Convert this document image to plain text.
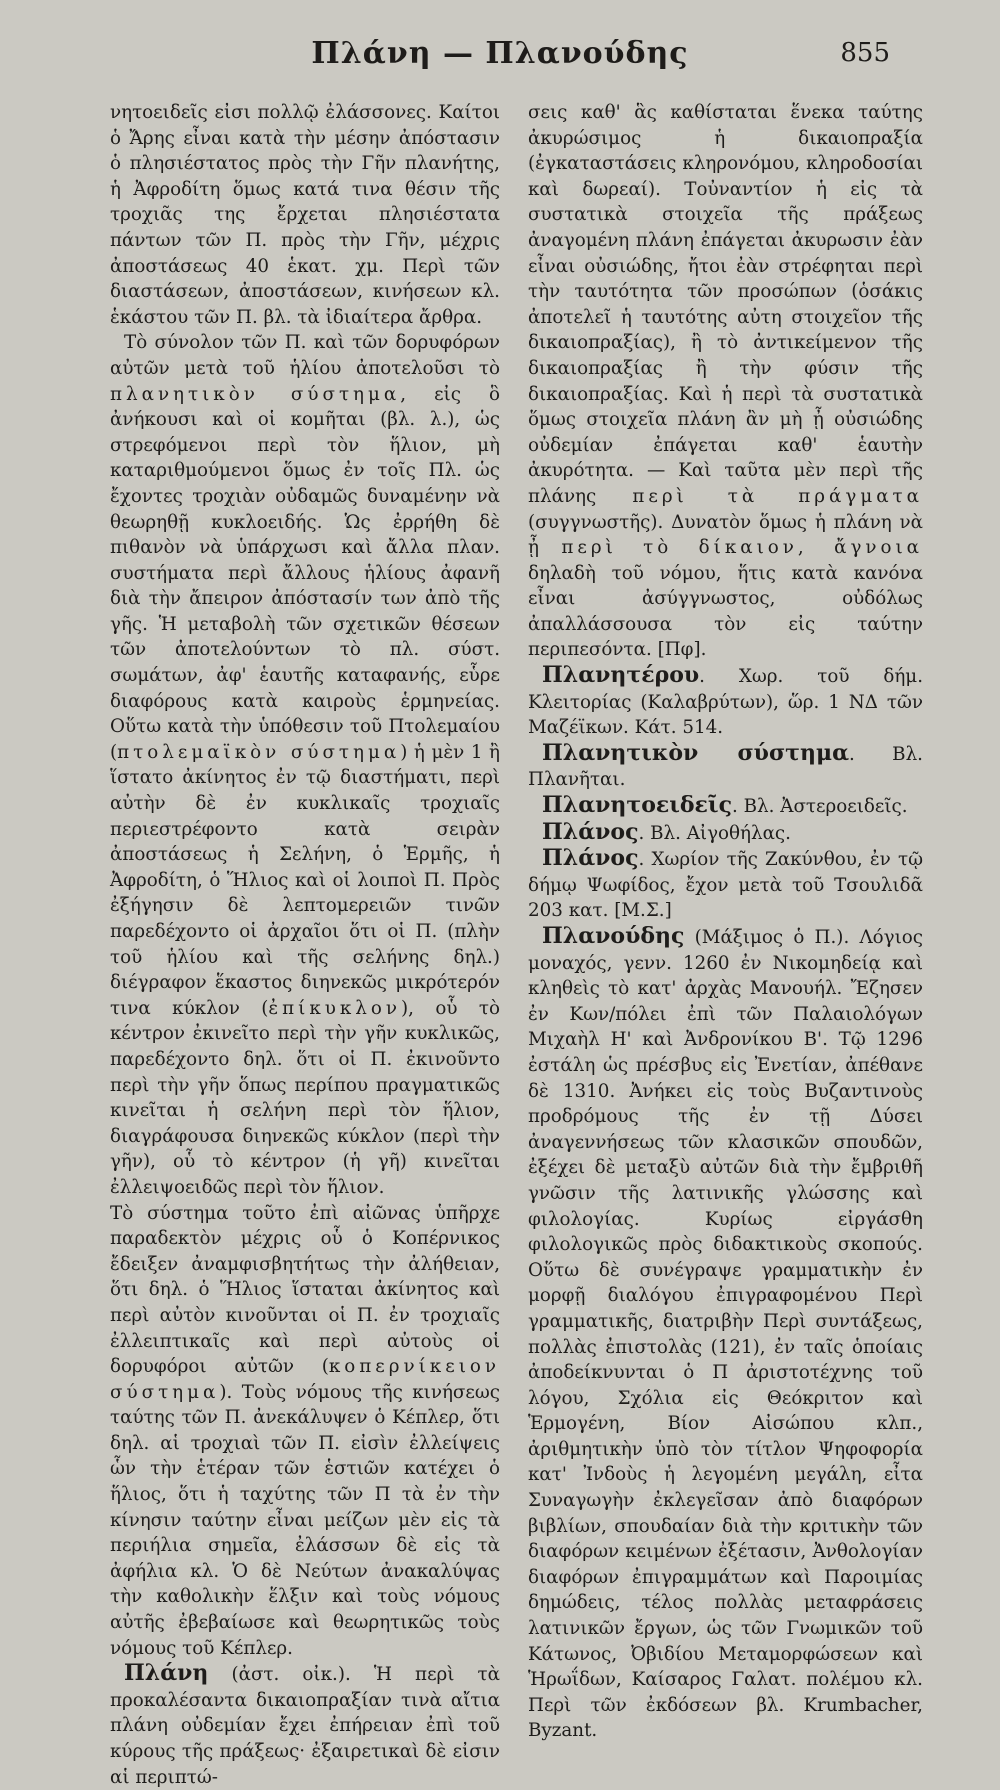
Πλάνη — Πλανούδης	855

νητοειδεῖς εἰσι πολλῷ ἐλάσσονες. Καίτοι ὁ Ἄρης εἶναι κατὰ τὴν μέσην ἀπόστασιν ὁ πλησιέστατος πρὸς τὴν Γῆν πλανήτης, ἡ Ἀφροδίτη ὅμως κατά τινα θέσιν τῆς τροχιᾶς της ἔρχεται πλησιέστατα πάντων τῶν Π. πρὸς τὴν Γῆν, μέχρις ἀποστάσεως 40 ἑκατ. χμ. Περὶ τῶν διαστάσεων, ἀποστάσεων, κινήσεων κλ. ἑκάστου τῶν Π. βλ. τὰ ἰδιαίτερα ἄρθρα.

Τὸ σύνολον τῶν Π. καὶ τῶν δορυφόρων αὐτῶν μετὰ τοῦ ἡλίου ἀποτελοῦσι τὸ πλανητικὸν σύστημα, εἰς ὃ ἀνήκουσι καὶ οἱ κομῆται (βλ. λ.), ὡς στρεφόμενοι περὶ τὸν ἥλιον, μὴ καταριθμούμενοι ὅμως ἐν τοῖς Πλ. ὡς ἔχοντες τροχιὰν οὐδαμῶς δυναμένην νὰ θεωρηθῇ κυκλοειδής. Ὡς ἐρρήθη δὲ πιθανὸν νὰ ὑπάρχωσι καὶ ἄλλα πλαν. συστήματα περὶ ἄλλους ἡλίους ἀφανῆ διὰ τὴν ἄπειρον ἀπόστασίν των ἀπὸ τῆς γῆς. Ἡ μεταβολὴ τῶν σχετικῶν θέσεων τῶν ἀποτελούντων τὸ πλ. σύστ. σωμάτων, ἀφ' ἑαυτῆς καταφανής, εὗρε διαφόρους κατὰ καιροὺς ἑρμηνείας. Οὕτω κατὰ τὴν ὑπόθεσιν τοῦ Πτολεμαίου (πτολεμαϊκὸν σύστημα) ἡ μὲν 1 ἢ ἵστατο ἀκίνητος ἐν τῷ διαστήματι, περὶ αὐτὴν δὲ ἐν κυκλικαῖς τροχιαῖς περιεστρέφοντο κατὰ σειρὰν ἀποστάσεως ἡ Σελήνη, ὁ Ἑρμῆς, ἡ Ἀφροδίτη, ὁ Ἥλιος καὶ οἱ λοιποὶ Π. Πρὸς ἐξήγησιν δὲ λεπτομερειῶν τινῶν παρεδέχοντο οἱ ἀρχαῖοι ὅτι οἱ Π. (πλὴν τοῦ ἡλίου καὶ τῆς σελήνης δηλ.) διέγραφον ἕκαστος διηνεκῶς μικρότερόν τινα κύκλον (ἐπίκυκλον), οὗ τὸ κέντρον ἐκινεῖτο περὶ τὴν γῆν κυκλικῶς, παρεδέχοντο δηλ. ὅτι οἱ Π. ἐκινοῦντο περὶ τὴν γῆν ὅπως περίπου πραγματικῶς κινεῖται ἡ σελήνη περὶ τὸν ἥλιον, διαγράφουσα διηνεκῶς κύκλον (περὶ τὴν γῆν), οὗ τὸ κέντρον (ἡ γῆ) κινεῖται ἐλλειψοειδῶς περὶ τὸν ἥλιον.

Τὸ σύστημα τοῦτο ἐπὶ αἰῶνας ὑπῆρχε παραδεκτὸν μέχρις οὗ ὁ Κοπέρνικος ἔδειξεν ἀναμφισβητήτως τὴν ἀλήθειαν, ὅτι δηλ. ὁ Ἥλιος ἵσταται ἀκίνητος καὶ περὶ αὐτὸν κινοῦνται οἱ Π. ἐν τροχιαῖς ἐλλειπτικαῖς καὶ περὶ αὐτοὺς οἱ δορυφόροι αὐτῶν (κοπερνίκειον σύστημα). Τοὺς νόμους τῆς κινήσεως ταύτης τῶν Π. ἀνεκάλυψεν ὁ Κέπλερ, ὅτι δηλ. αἱ τροχιαὶ τῶν Π. εἰσὶν ἐλλείψεις ὧν τὴν ἑτέραν τῶν ἑστιῶν κατέχει ὁ ἥλιος, ὅτι ἡ ταχύτης τῶν Π τὰ ἐν τὴν κίνησιν ταύτην εἶναι μείζων μὲν εἰς τὰ περιήλια σημεῖα, ἐλάσσων δὲ εἰς τὰ ἀφήλια κλ. Ὁ δὲ Νεύτων ἀνακαλύψας τὴν καθολικὴν ἕλξιν καὶ τοὺς νόμους αὐτῆς ἐβεβαίωσε καὶ θεωρητικῶς τοὺς νόμους τοῦ Κέπλερ.

Πλάνη (ἀστ. οἰκ.). Ἡ περὶ τὰ προκαλέσαντα δικαιοπραξίαν τινὰ αἴτια πλάνη οὐδεμίαν ἔχει ἐπήρειαν ἐπὶ τοῦ κύρους τῆς πράξεως· ἐξαιρετικαὶ δὲ εἰσιν αἱ περιπτώ-

σεις καθ' ἃς καθίσταται ἕνεκα ταύτης ἀκυρώσιμος ἡ δικαιοπραξία (ἐγκαταστάσεις κληρονόμου, κληροδοσίαι καὶ δωρεαί). Τοὐναντίον ἡ εἰς τὰ συστατικὰ στοιχεῖα τῆς πράξεως ἀναγομένη πλάνη ἐπάγεται ἀκυρωσιν ἐὰν εἶναι οὐσιώδης, ἤτοι ἐὰν στρέφηται περὶ τὴν ταυτότητα τῶν προσώπων (ὁσάκις ἀποτελεῖ ἡ ταυτότης αὐτη στοιχεῖον τῆς δικαιοπραξίας), ἢ τὸ ἀντικείμενον τῆς δικαιοπραξίας ἢ τὴν φύσιν τῆς δικαιοπραξίας. Καὶ ἡ περὶ τὰ συστατικὰ ὅμως στοιχεῖα πλάνη ἂν μὴ ᾖ οὐσιώδης οὐδεμίαν ἐπάγεται καθ' ἑαυτὴν ἀκυρότητα. — Καὶ ταῦτα μὲν περὶ τῆς πλάνης περὶ τὰ πράγματα (συγγνωστῆς). Δυνατὸν ὅμως ἡ πλάνη νὰ ᾖ περὶ τὸ δίκαιον, ἄγνοια δηλαδὴ τοῦ νόμου, ἥτις κατὰ κανόνα εἶναι ἀσύγγνωστος, οὐδόλως ἀπαλλάσσουσα τὸν εἰς ταύτην περιπεσόντα. [Πφ].

Πλανητέρου. Χωρ. τοῦ δήμ. Κλειτορίας (Καλαβρύτων), ὥρ. 1 ΝΔ τῶν Μαζέϊκων. Κάτ. 514.

Πλανητικὸν σύστημα. Βλ. Πλανῆται.

Πλανητοειδεῖς. Βλ. Ἀστεροειδεῖς.

Πλάνος. Βλ. Αἰγοθήλας.

Πλάνος. Χωρίον τῆς Ζακύνθου, ἐν τῷ δήμῳ Ψωφίδος, ἔχον μετὰ τοῦ Τσουλιδᾶ 203 κατ. [Μ.Σ.]

Πλανούδης (Μάξιμος ὁ Π.). Λόγιος μοναχός, γενν. 1260 ἐν Νικομηδείᾳ καὶ κληθεὶς τὸ κατ' ἀρχὰς Μανουήλ. Ἔζησεν ἐν Κων/πόλει ἐπὶ τῶν Παλαιολόγων Μιχαὴλ Η' καὶ Ἀνδρονίκου Β'. Τῷ 1296 ἐστάλη ὡς πρέσβυς εἰς Ἐνετίαν, ἀπέθανε δὲ 1310. Ἀνήκει εἰς τοὺς Βυζαντινοὺς προδρόμους τῆς ἐν τῇ Δύσει ἀναγεννήσεως τῶν κλασικῶν σπουδῶν, ἐξέχει δὲ μεταξὺ αὐτῶν διὰ τὴν ἔμβριθῆ γνῶσιν τῆς λατινικῆς γλώσσης καὶ φιλολογίας. Κυρίως εἰργάσθη φιλολογικῶς πρὸς διδακτικοὺς σκοπούς. Οὕτω δὲ συνέγραψε γραμματικὴν ἐν μορφῇ διαλόγου ἐπιγραφομένου Περὶ γραμματικῆς, διατριβὴν Περὶ συντάξεως, πολλὰς ἐπιστολὰς (121), ἐν ταῖς ὁποίαις ἀποδείκνυνται ὁ Π ἀριστοτέχνης τοῦ λόγου, Σχόλια εἰς Θεόκριτον καὶ Ἑρμογένη, Βίον Αἰσώπου κλπ., ἀριθμητικὴν ὑπὸ τὸν τίτλον Ψηφοφορία κατ' Ἰνδοὺς ἡ λεγομένη μεγάλη, εἶτα Συναγωγὴν ἐκλεγεῖσαν ἀπὸ διαφόρων βιβλίων, σπουδαίαν διὰ τὴν κριτικὴν τῶν διαφόρων κειμένων ἐξέτασιν, Ἀνθολογίαν διαφόρων ἐπιγραμμάτων καὶ Παροιμίας δημώδεις, τέλος πολλὰς μεταφράσεις λατινικῶν ἔργων, ὡς τῶν Γνωμικῶν τοῦ Κάτωνος, Ὀβιδίου Μεταμορφώσεων καὶ Ἡρωΐδων, Καίσαρος Γαλατ. πολέμου κλ. Περὶ τῶν ἐκδόσεων βλ. Krumbacher, Byzant.
